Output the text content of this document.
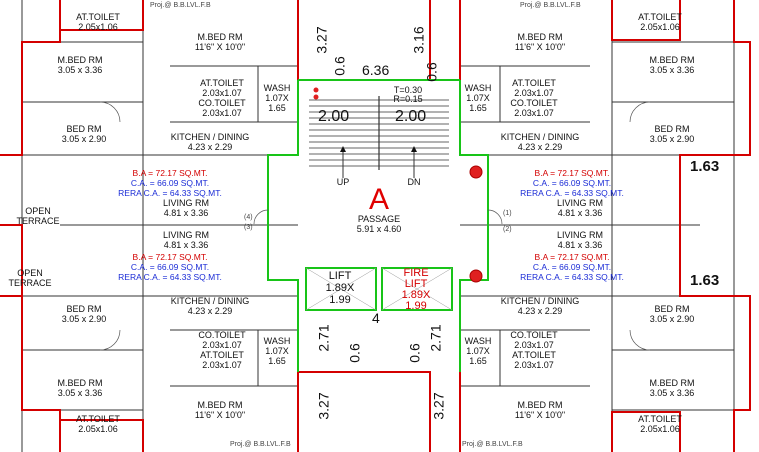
A
PASSAGE
5.91 x 4.60
LIFT
1.89X
1.99
FIRE
LIFT
1.89X
1.99
UP	DN
T=0.30
R=0.15
2.00	2.00
6.36
4
3.27
0.6
3.16
0.6
2.71
0.6
3.27
2.71
0.6
3.27
1.63
1.63
Proj.@ B.B.LVL.F.B	Proj.@ B.B.LVL.F.B
Proj.@ B.B.LVL.F.B	Proj.@ B.B.LVL.F.B
AT.TOILET
2.05x1.06
M.BED RM
11'6" X 10'0"
M.BED RM
3.05 x 3.36
AT.TOILET
2.03x1.07 WASH
1.07X
1.65
CO.TOILET
2.03x1.07
BED RM
3.05 x 2.90	KITCHEN / DINING
4.23 x 2.29
B.A = 72.17 SQ.MT.
C.A. = 66.09 SQ.MT.
RERA C.A. = 64.33 SQ.MT.
OPEN
TERRACE
LIVING RM
4.81 x 3.36
LIVING RM
4.81 x 3.36
B.A = 72.17 SQ.MT.
C.A. = 66.09 SQ.MT.
RERA C.A. = 64.33 SQ.MT.
OPEN
TERRACE
(4)
(3)
KITCHEN / DINING
4.23 x 2.29
BED RM
3.05 x 2.90
CO.TOILET
2.03x1.07	WASH
1.07X
1.65
AT.TOILET
2.03x1.07
M.BED RM
3.05 x 3.36
M.BED RM
11'6" X 10'0"
AT.TOILET
2.05x1.06
AT.TOILET
2.05x1.06
M.BED RM
11'6" X 10'0"
M.BED RM
3.05 x 3.36
WASH
1.07X
1.65
AT.TOILET
2.03x1.07
CO.TOILET
2.03x1.07
BED RM
3.05 x 2.90
KITCHEN / DINING
4.23 x 2.29
B.A = 72.17 SQ.MT.
C.A. = 66.09 SQ.MT.
RERA C.A. = 64.33 SQ.MT.
LIVING RM
4.81 x 3.36
LIVING RM
4.81 x 3.36
B.A = 72.17 SQ.MT.
C.A. = 66.09 SQ.MT.
RERA C.A. = 64.33 SQ.MT.
(1)
(2)
KITCHEN / DINING
4.23 x 2.29	BED RM
3.05 x 2.90
CO.TOILET
2.03x1.07
WASH
1.07X
1.65
AT.TOILET
2.03x1.07
M.BED RM
3.05 x 3.36
M.BED RM
11'6" X 10'0"	AT.TOILET
2.05x1.06
